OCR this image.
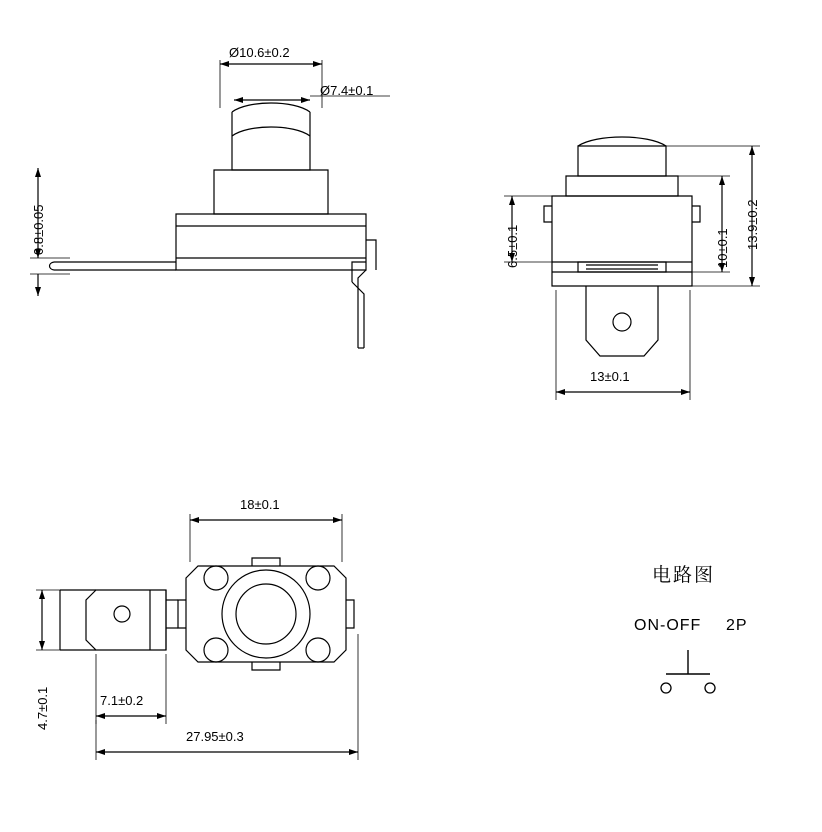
Ø10.6±0.2
Ø7.4±0.1
0.8±0.05	6.5±0.1	10±0.1 13.9±0.2
13±0.1
18±0.1
4.7±0.1	7.1±0.2
27.95±0.3
电路图
ON-OFF 2P
